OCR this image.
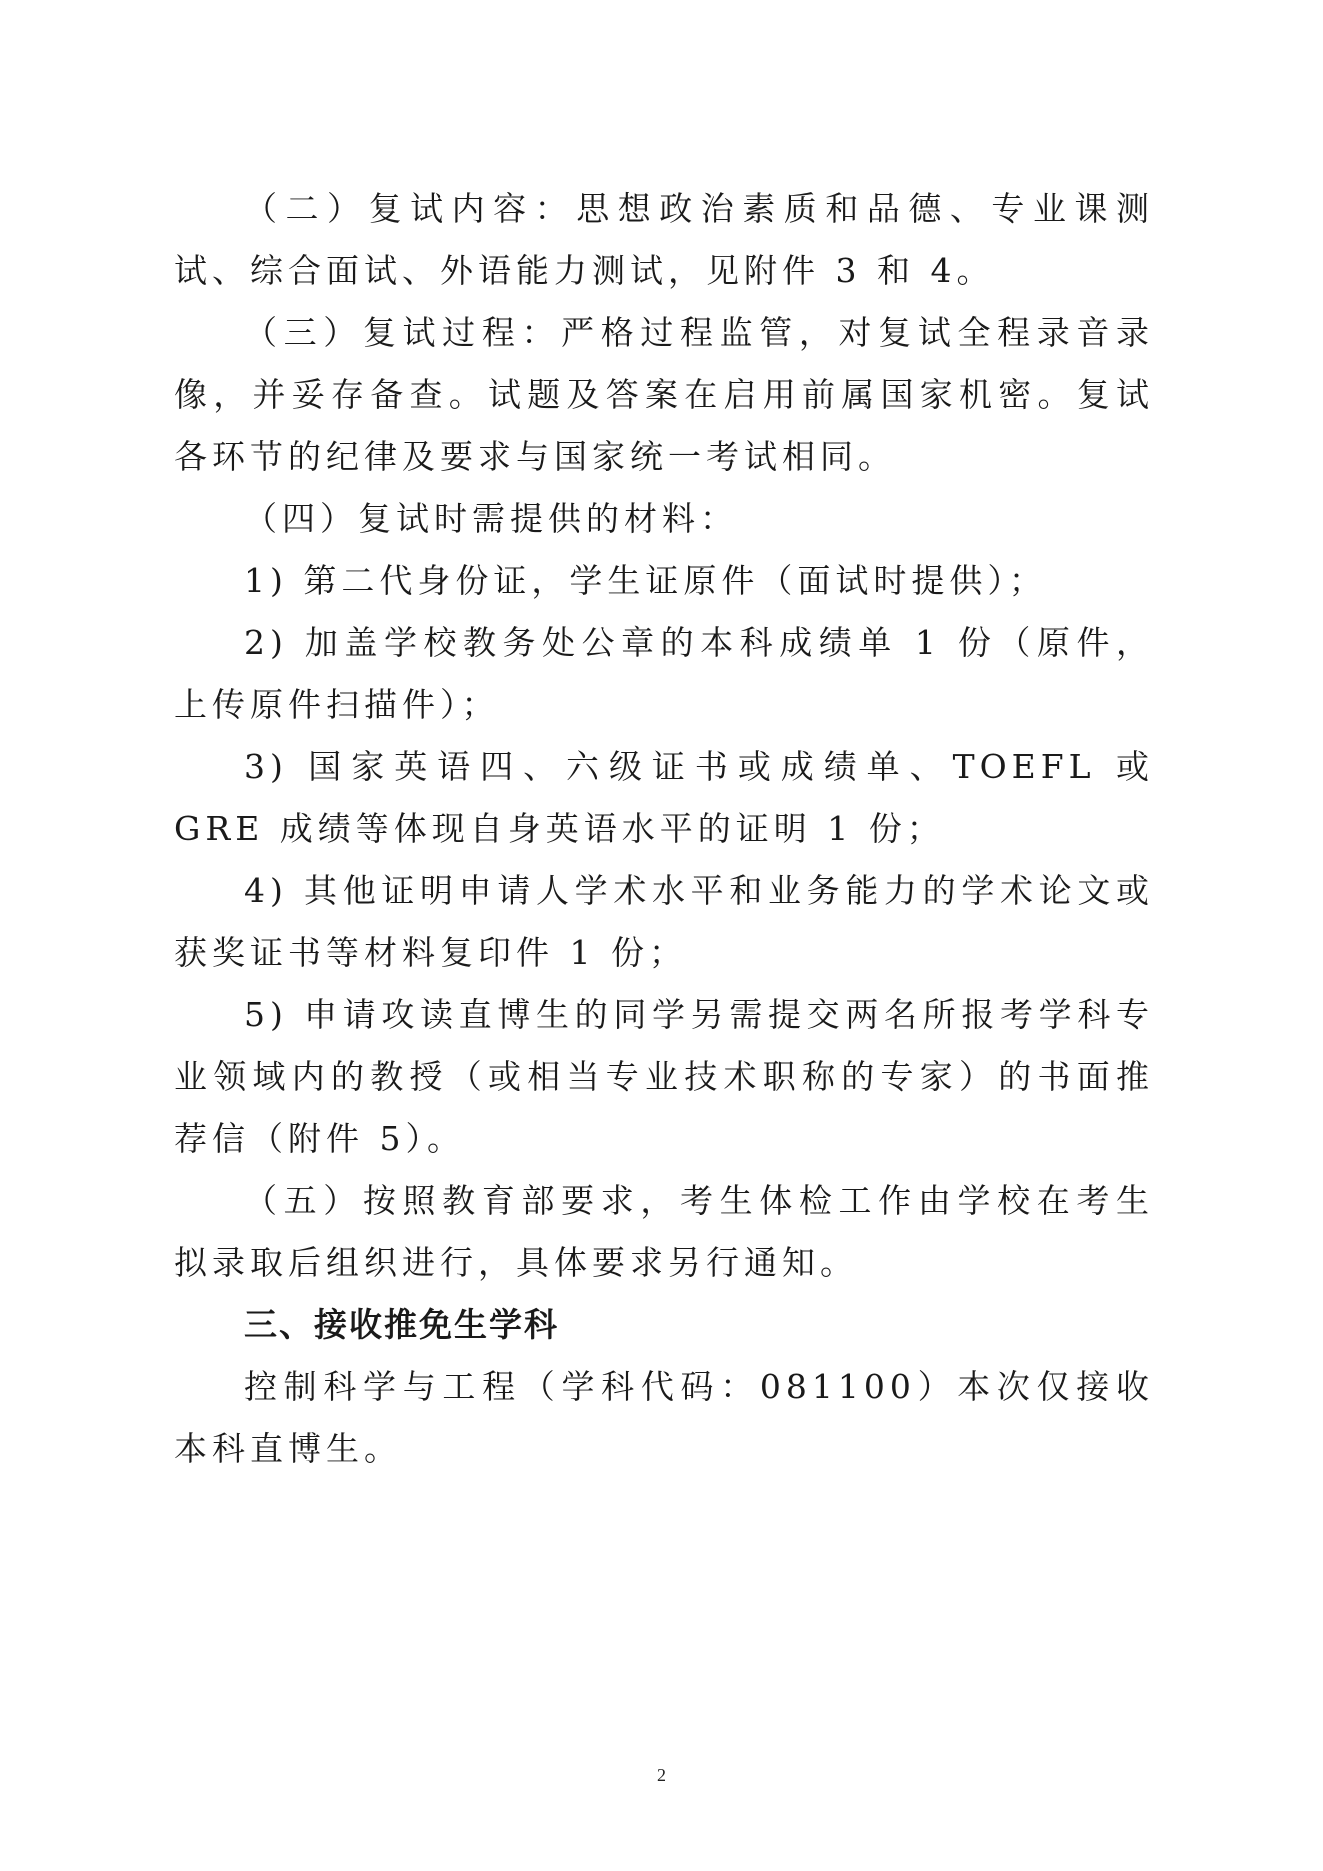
（二）复试内容：思想政治素质和品德、专业课测试、综合面试、外语能力测试，见附件 3 和 4。

（三）复试过程：严格过程监管，对复试全程录音录像，并妥存备查。试题及答案在启用前属国家机密。复试各环节的纪律及要求与国家统一考试相同。

（四）复试时需提供的材料：

1) 第二代身份证，学生证原件（面试时提供）；

2) 加盖学校教务处公章的本科成绩单 1 份（原件，上传原件扫描件）；

3) 国家英语四、六级证书或成绩单、TOEFL 或 GRE 成绩等体现自身英语水平的证明 1 份；

4) 其他证明申请人学术水平和业务能力的学术论文或获奖证书等材料复印件 1 份；

5) 申请攻读直博生的同学另需提交两名所报考学科专业领域内的教授（或相当专业技术职称的专家）的书面推荐信（附件 5）。

（五）按照教育部要求，考生体检工作由学校在考生拟录取后组织进行，具体要求另行通知。

三、接收推免生学科

控制科学与工程（学科代码：081100）本次仅接收本科直博生。

2
